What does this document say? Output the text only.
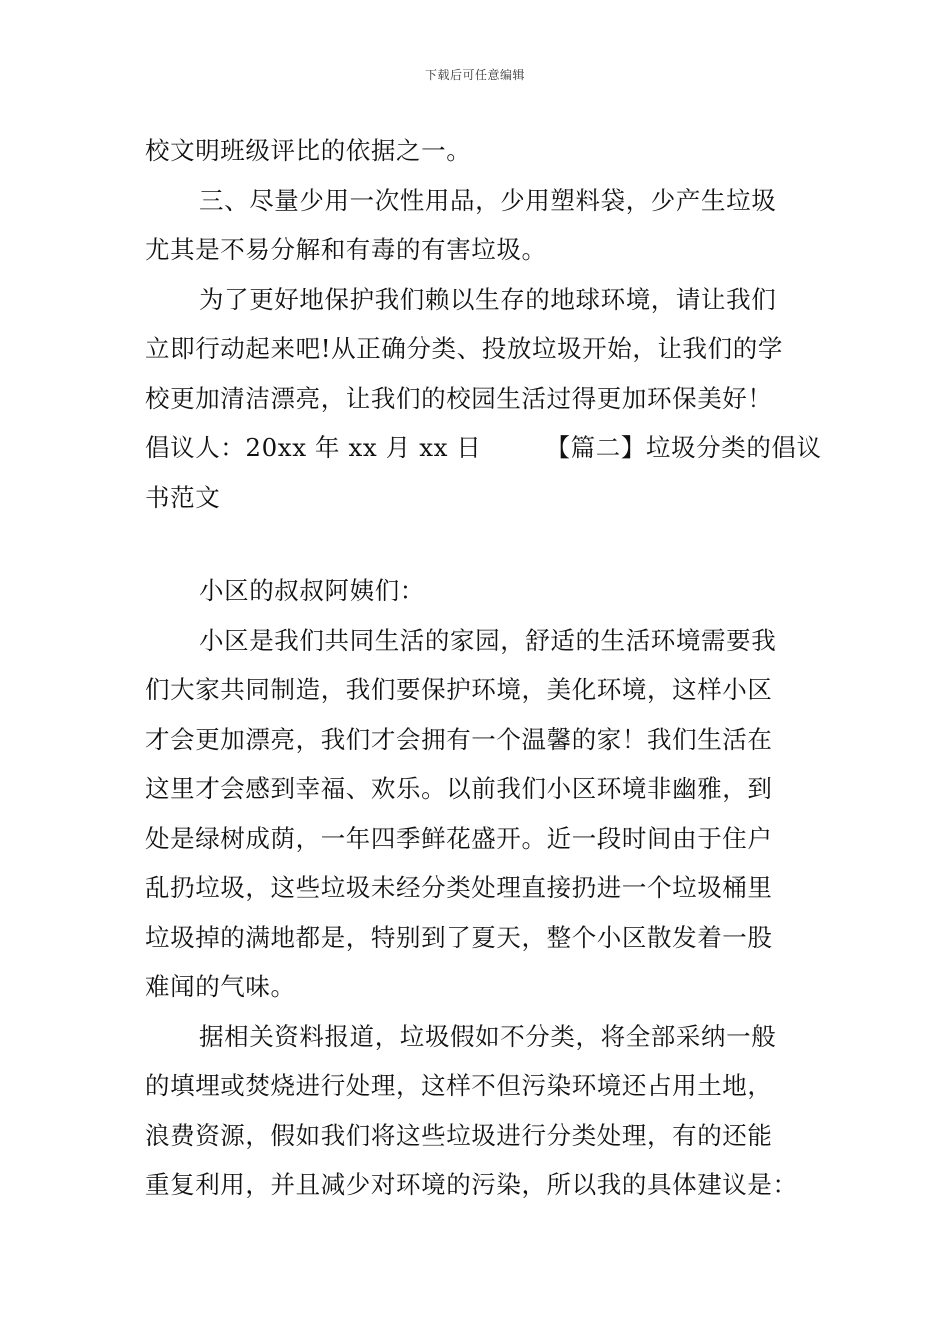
下载后可任意编辑
校文明班级评比的依据之一。
三、尽量少用一次性用品，少用塑料袋，少产生垃圾
尤其是不易分解和有毒的有害垃圾。
为了更好地保护我们赖以生存的地球环境，请让我们
立即行动起来吧!从正确分类、投放垃圾开始，让我们的学
校更加清洁漂亮，让我们的校园生活过得更加环保美好！
倡议人：20xx 年 xx 月 xx 日	【篇二】垃圾分类的倡议
书范文
小区的叔叔阿姨们：
小区是我们共同生活的家园，舒适的生活环境需要我
们大家共同制造，我们要保护环境，美化环境，这样小区
才会更加漂亮，我们才会拥有一个温馨的家！我们生活在
这里才会感到幸福、欢乐。以前我们小区环境非幽雅，到
处是绿树成荫，一年四季鲜花盛开。近一段时间由于住户
乱扔垃圾，这些垃圾未经分类处理直接扔进一个垃圾桶里
垃圾掉的满地都是，特别到了夏天，整个小区散发着一股
难闻的气味。
据相关资料报道，垃圾假如不分类，将全部采纳一般
的填埋或焚烧进行处理，这样不但污染环境还占用土地，
浪费资源，假如我们将这些垃圾进行分类处理，有的还能
重复利用，并且减少对环境的污染，所以我的具体建议是：
